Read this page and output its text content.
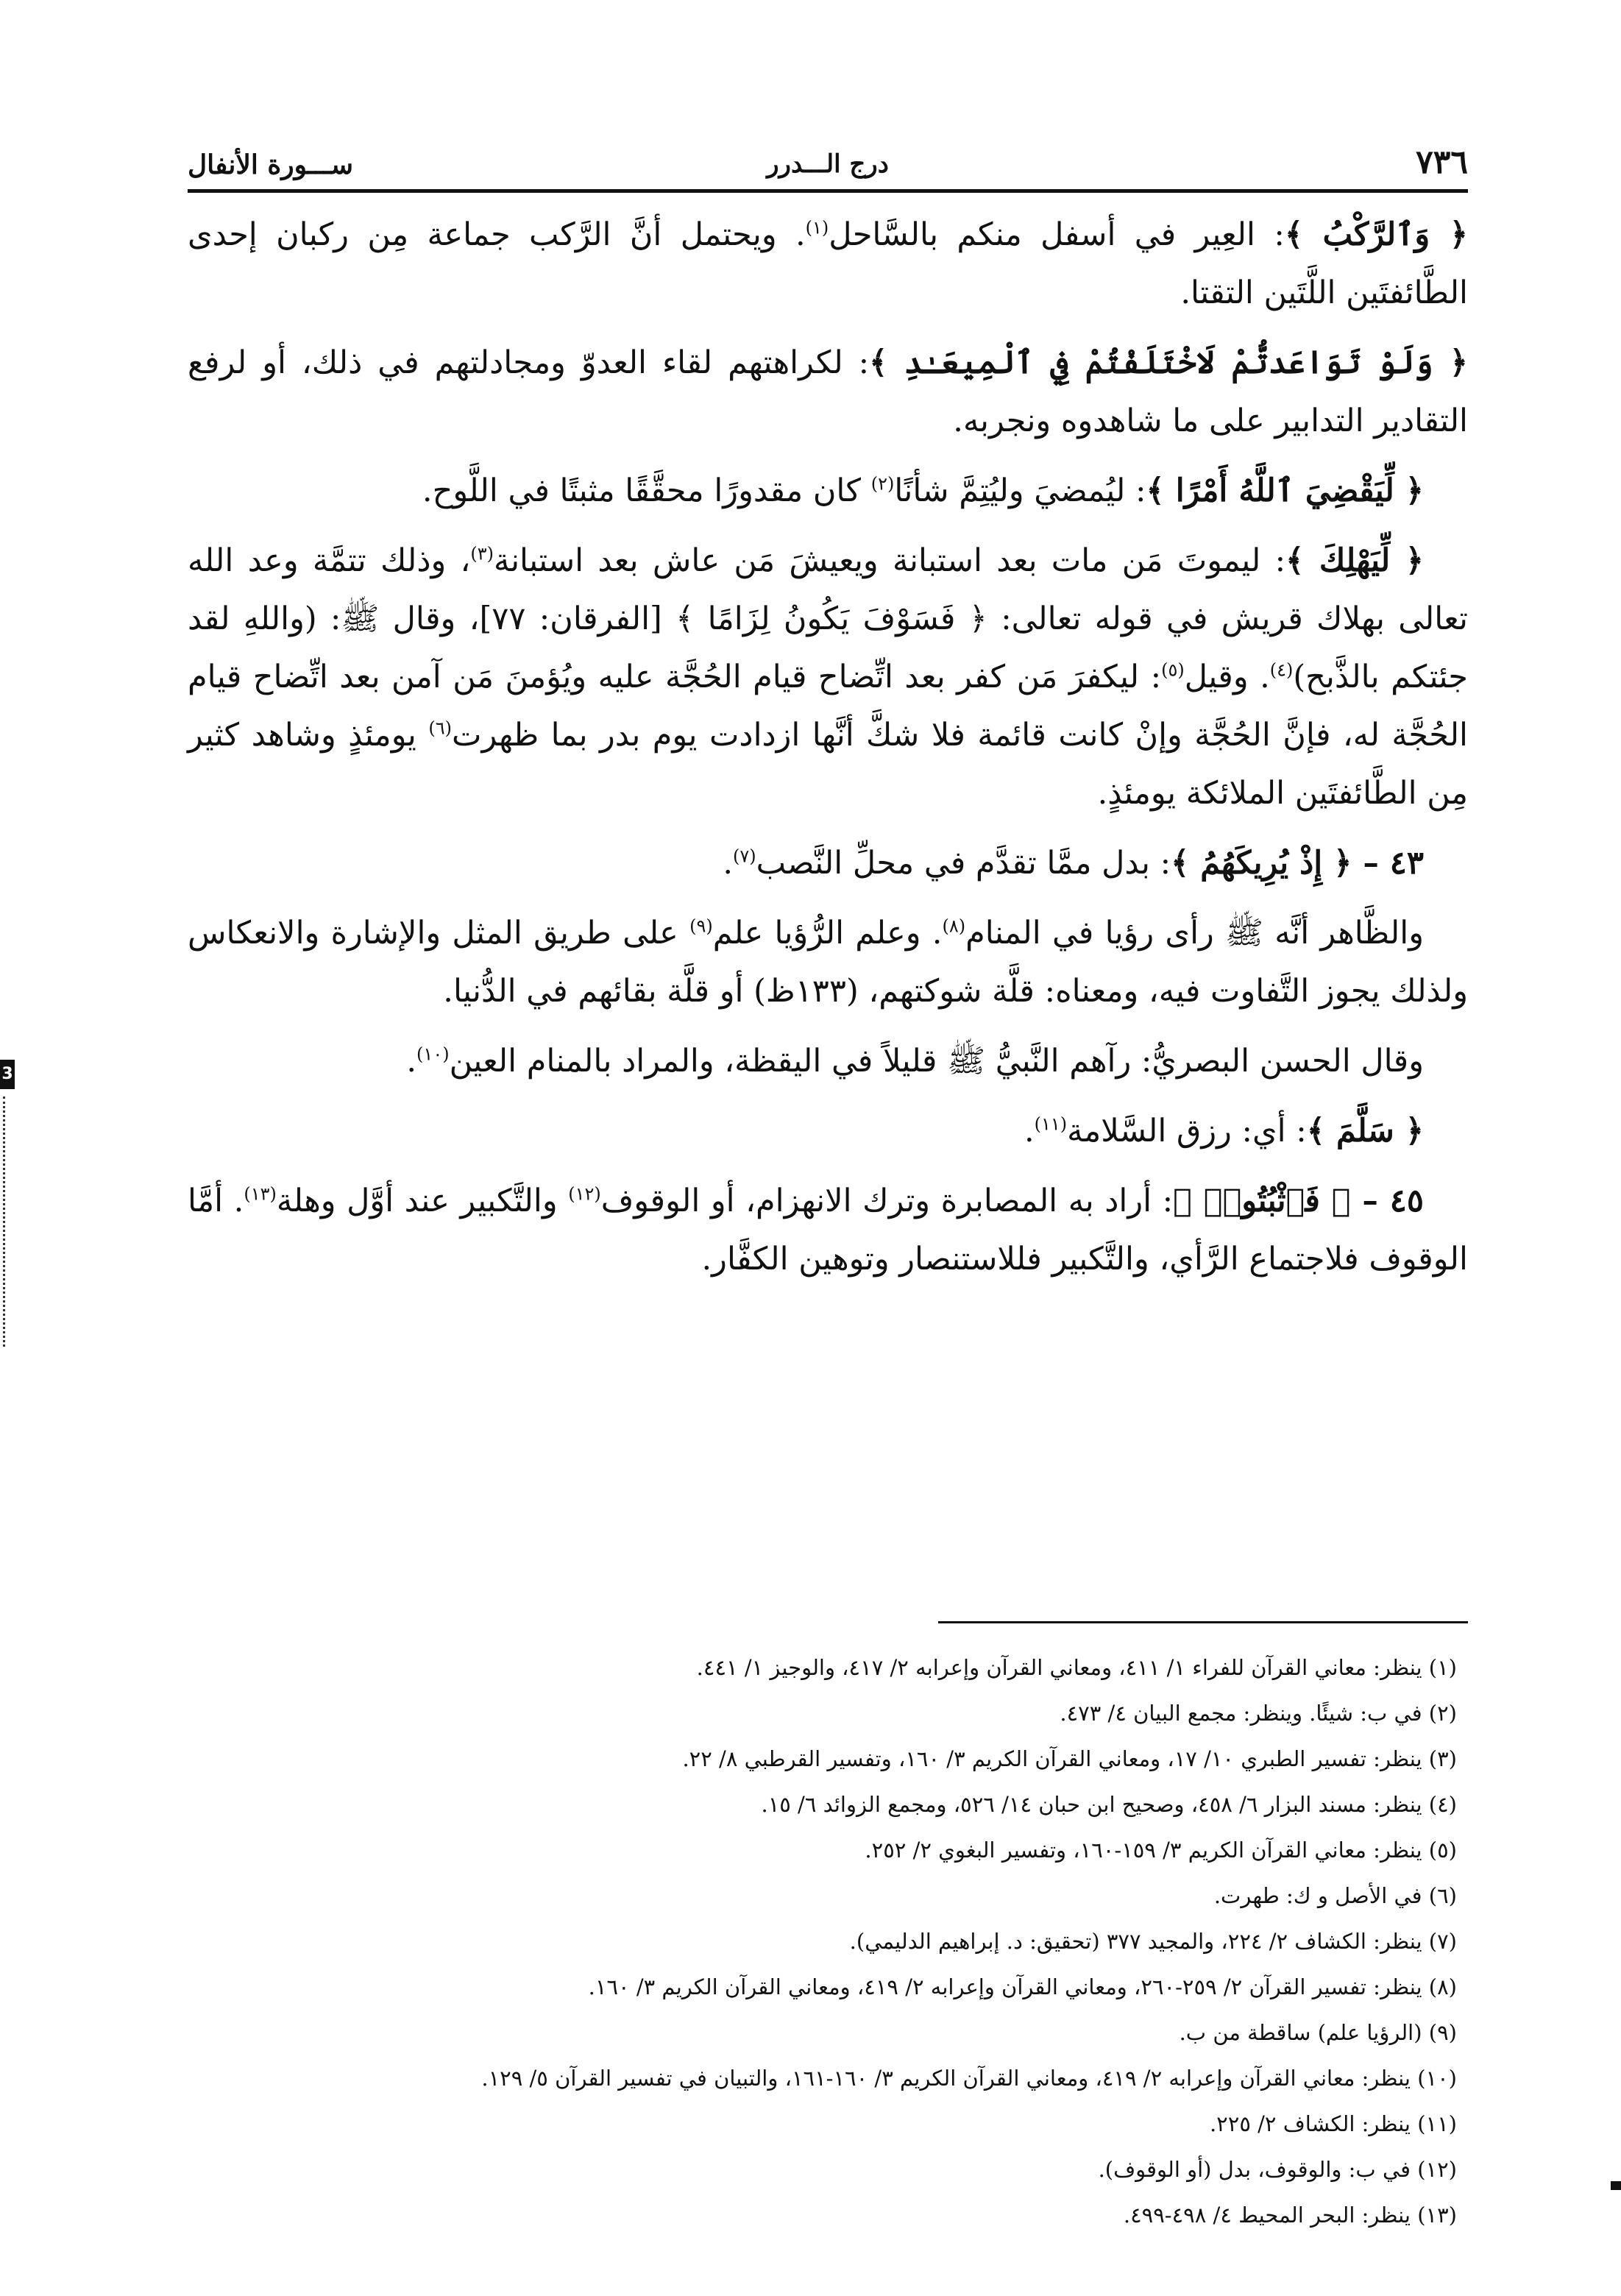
٧٣٦
درج الـــدرر
ســـورة الأنفال

﴿ وَٱلرَّكْبُ ﴾: العِير في أسفل منكم بالسَّاحل$^{(١)}$. ويحتمل أنَّ الرَّكب جماعة مِن ركبان إحدى الطَّائفتَين اللَّتَين التقتا.

﴿ وَلَوْ تَوَاعَدتُّمْ لَاخْتَلَفْتُمْ فِي ٱلْمِيعَـٰدِ ﴾: لكراهتهم لقاء العدوّ ومجادلتهم في ذلك، أو لرفع التقادير التدابير على ما شاهدوه ونجربه.

﴿ لِّيَقْضِيَ ٱللَّهُ أَمْرًا ﴾: ليُمضيَ وليُتِمَّ شأنًا$^{(٢)}$ كان مقدورًا محقَّقًا مثبتًا في اللَّوح.

﴿ لِّيَهْلِكَ ﴾: ليموتَ مَن مات بعد استبانة ويعيشَ مَن عاش بعد استبانة$^{(٣)}$، وذلك تتمَّة وعد الله تعالى بهلاك قريش في قوله تعالى: ﴿ فَسَوْفَ يَكُونُ لِزَامًا ﴾ [الفرقان: ٧٧]، وقال ﷺ: (واللهِ لقد جئتكم بالذَّبح)$^{(٤)}$. وقيل$^{(٥)}$: ليكفرَ مَن كفر بعد اتِّضاح قيام الحُجَّة عليه ويُؤمنَ مَن آمن بعد اتِّضاح قيام الحُجَّة له، فإنَّ الحُجَّة وإنْ كانت قائمة فلا شكَّ أنَّها ازدادت يوم بدر بما ظهرت$^{(٦)}$ يومئذٍ وشاهد كثير مِن الطَّائفتَين الملائكة يومئذٍ.

٤٣ – ﴿ إِذْ يُرِيكَهُمُ ﴾: بدل ممَّا تقدَّم في محلِّ النَّصب$^{(٧)}$.

والظَّاهر أنَّه ﷺ رأى رؤيا في المنام$^{(٨)}$. وعلم الرُّؤيا علم$^{(٩)}$ على طريق المثل والإشارة والانعكاس ولذلك يجوز التَّفاوت فيه، ومعناه: قلَّة شوكتهم، (١٣٣ظ) أو قلَّة بقائهم في الدُّنيا.

وقال الحسن البصريُّ: رآهم النَّبيُّ ﷺ قليلاً في اليقظة، والمراد بالمنام العين$^{(١٠)}$.

﴿ سَلَّمَ ﴾: أي: رزق السَّلامة$^{(١١)}$.

٤٥ – ﴿ فَٱثْبُتُوا۟ ﴾: أراد به المصابرة وترك الانهزام، أو الوقوف$^{(١٢)}$ والتَّكبير عند أوَّل وهلة$^{(١٣)}$. أمَّا الوقوف فلاجتماع الرَّأي، والتَّكبير فللاستنصار وتوهين الكفَّار.

(١) ينظر: معاني القرآن للفراء ١/ ٤١١، ومعاني القرآن وإعرابه ٢/ ٤١٧، والوجيز ١/ ٤٤١.
(٢) في ب: شيئًا. وينظر: مجمع البيان ٤/ ٤٧٣.
(٣) ينظر: تفسير الطبري ١٠/ ١٧، ومعاني القرآن الكريم ٣/ ١٦٠، وتفسير القرطبي ٨/ ٢٢.
(٤) ينظر: مسند البزار ٦/ ٤٥٨، وصحيح ابن حبان ١٤/ ٥٢٦، ومجمع الزوائد ٦/ ١٥.
(٥) ينظر: معاني القرآن الكريم ٣/ ١٥٩-١٦٠، وتفسير البغوي ٢/ ٢٥٢.
(٦) في الأصل و ك: طهرت.
(٧) ينظر: الكشاف ٢/ ٢٢٤، والمجيد ٣٧٧ (تحقيق: د. إبراهيم الدليمي).
(٨) ينظر: تفسير القرآن ٢/ ٢٥٩-٢٦٠، ومعاني القرآن وإعرابه ٢/ ٤١٩، ومعاني القرآن الكريم ٣/ ١٦٠.
(٩) (الرؤيا علم) ساقطة من ب.
(١٠) ينظر: معاني القرآن وإعرابه ٢/ ٤١٩، ومعاني القرآن الكريم ٣/ ١٦٠-١٦١، والتبيان في تفسير القرآن ٥/ ١٢٩.
(١١) ينظر: الكشاف ٢/ ٢٢٥.
(١٢) في ب: والوقوف، بدل (أو الوقوف).
(١٣) ينظر: البحر المحيط ٤/ ٤٩٨-٤٩٩.
3
